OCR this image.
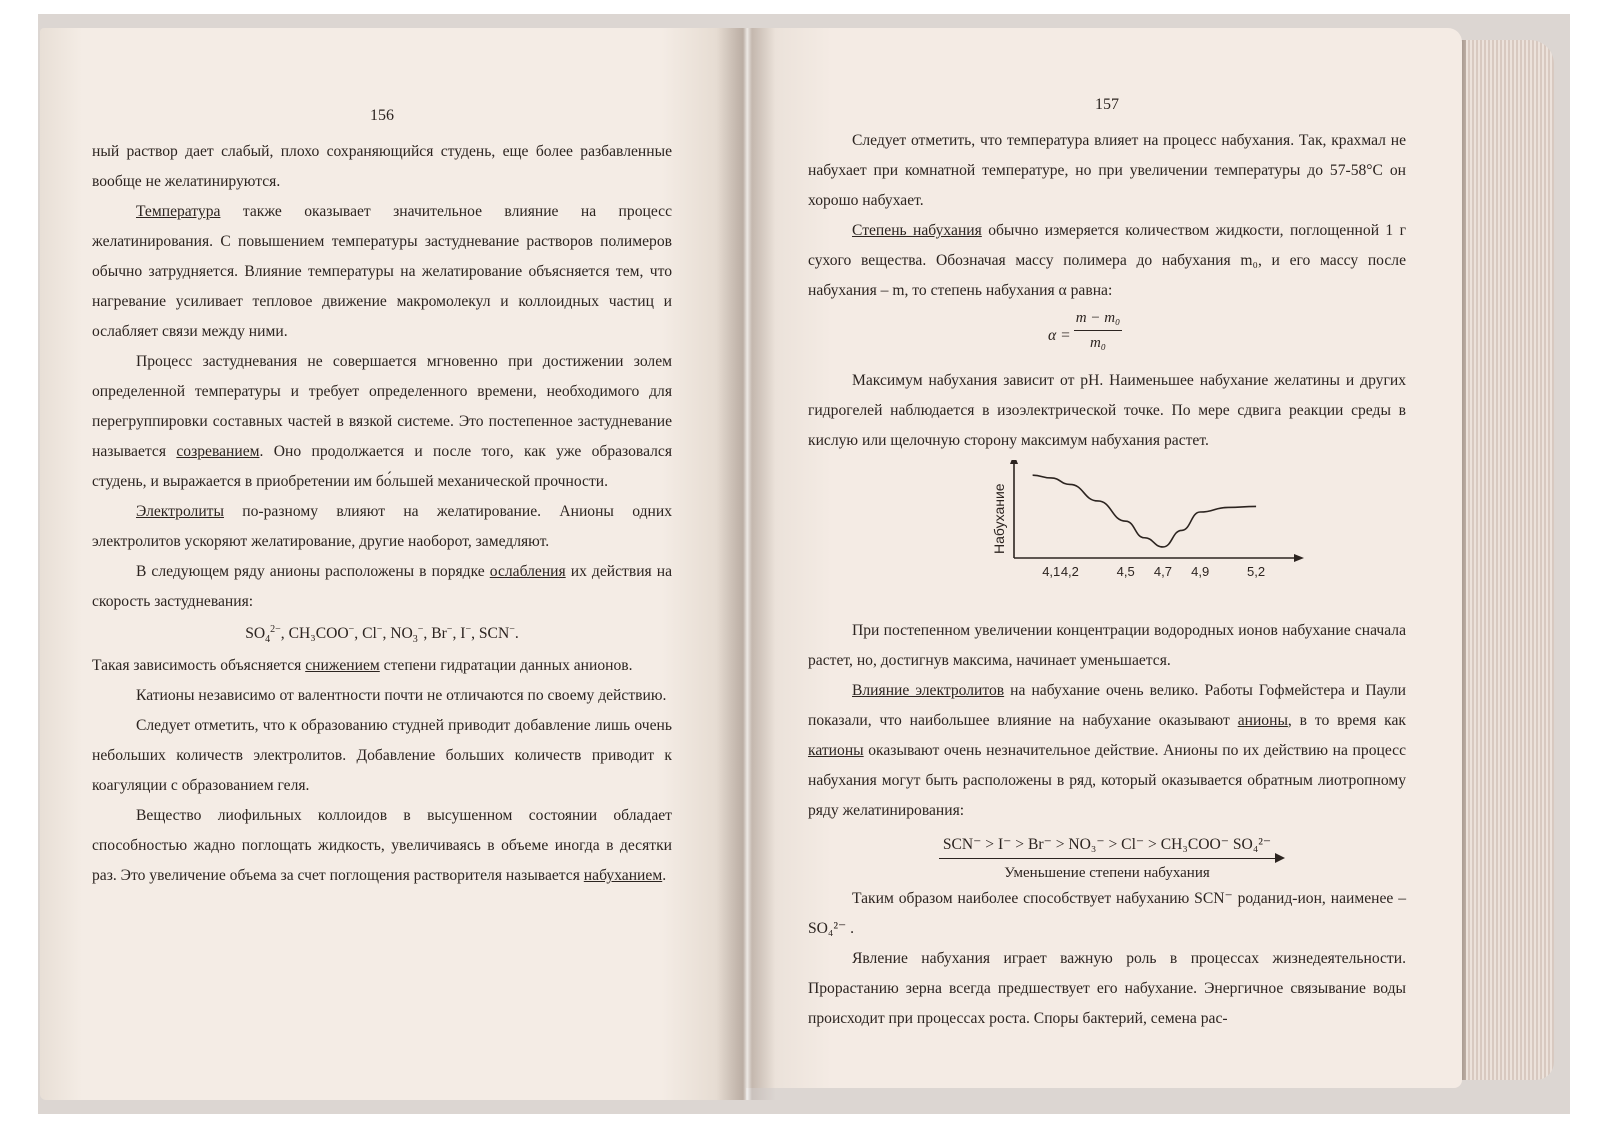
156

ный раствор дает слабый, плохо сохраняющийся студень, еще более разбавленные вообще не желатинируются.

Температура также оказывает значительное влияние на процесс желатинирования. С повышением температуры застудневание растворов полимеров обычно затрудняется. Влияние температуры на желатирование объясняется тем, что нагревание усиливает тепловое движение макромолекул и коллоидных частиц и ослабляет связи между ними.

Процесс застудневания не совершается мгновенно при достижении золем определенной температуры и требует определенного времени, необходимого для перегруппировки составных частей в вязкой системе. Это постепенное застудневание называется созреванием. Оно продолжается и после того, как уже образовался студень, и выражается в приобретении им бо́льшей механической прочности.

Электролиты по-разному влияют на желатирование. Анионы одних электролитов ускоряют желатирование, другие наоборот, замедляют.

В следующем ряду анионы расположены в порядке ослабления их действия на скорость застудневания:

$SO_4^{2-}$, CH₃COO−, Cl−, $NO_3^-$, Br−, I−, SCN−.

Такая зависимость объясняется снижением степени гидратации данных анионов.

Катионы независимо от валентности почти не отличаются по своему действию.

Следует отметить, что к образованию студней приводит добавление лишь очень небольших количеств электролитов. Добавление больших количеств приводит к коагуляции с образованием геля.

Вещество лиофильных коллоидов в высушенном состоянии обладает способностью жадно поглощать жидкость, увеличиваясь в объеме иногда в десятки раз. Это увеличение объема за счет поглощения растворителя называется набуханием.

157

Следует отметить, что температура влияет на процесс набухания. Так, крахмал не набухает при комнатной температуре, но при увеличении температуры до 57-58°С он хорошо набухает.

Степень набухания обычно измеряется количеством жидкости, поглощенной 1 г сухого вещества. Обозначая массу полимера до набухания m₀, и его массу после набухания – m, то степень набухания α равна:

$\alpha = \frac{\text{m − m₀}}{\text{m₀}}$

Максимум набухания зависит от pH. Наименьшее набухание желатины и других гидрогелей наблюдается в изоэлектрической точке. По мере сдвига реакции среды в кислую или щелочную сторону максимум набухания растет.

4,1 4,2	4,5 4,7 4,9	5,2
Набухание

При постепенном увеличении концентрации водородных ионов набухание сначала растет, но, достигнув максима, начинает уменьшается.

Влияние электролитов на набухание очень велико. Работы Гофмейстера и Паули показали, что наибольшее влияние на набухание оказывают анионы, в то время как катионы оказывают очень незначительное действие. Анионы по их действию на процесс набухания могут быть расположены в ряд, который оказывается обратным лиотропному ряду желатинирования:

SCN⁻ > I⁻ > Br⁻ > NO₃⁻ > Cl⁻ > CH₃COO⁻ SO₄²⁻
Уменьшение степени набухания

Таким образом наиболее способствует набуханию SCN⁻ роданид-ион, наименее – SO₄²⁻ .

Явление набухания играет важную роль в процессах жизнедеятельности. Прорастанию зерна всегда предшествует его набухание. Энергичное связывание воды происходит при процессах роста. Споры бактерий, семена рас-
